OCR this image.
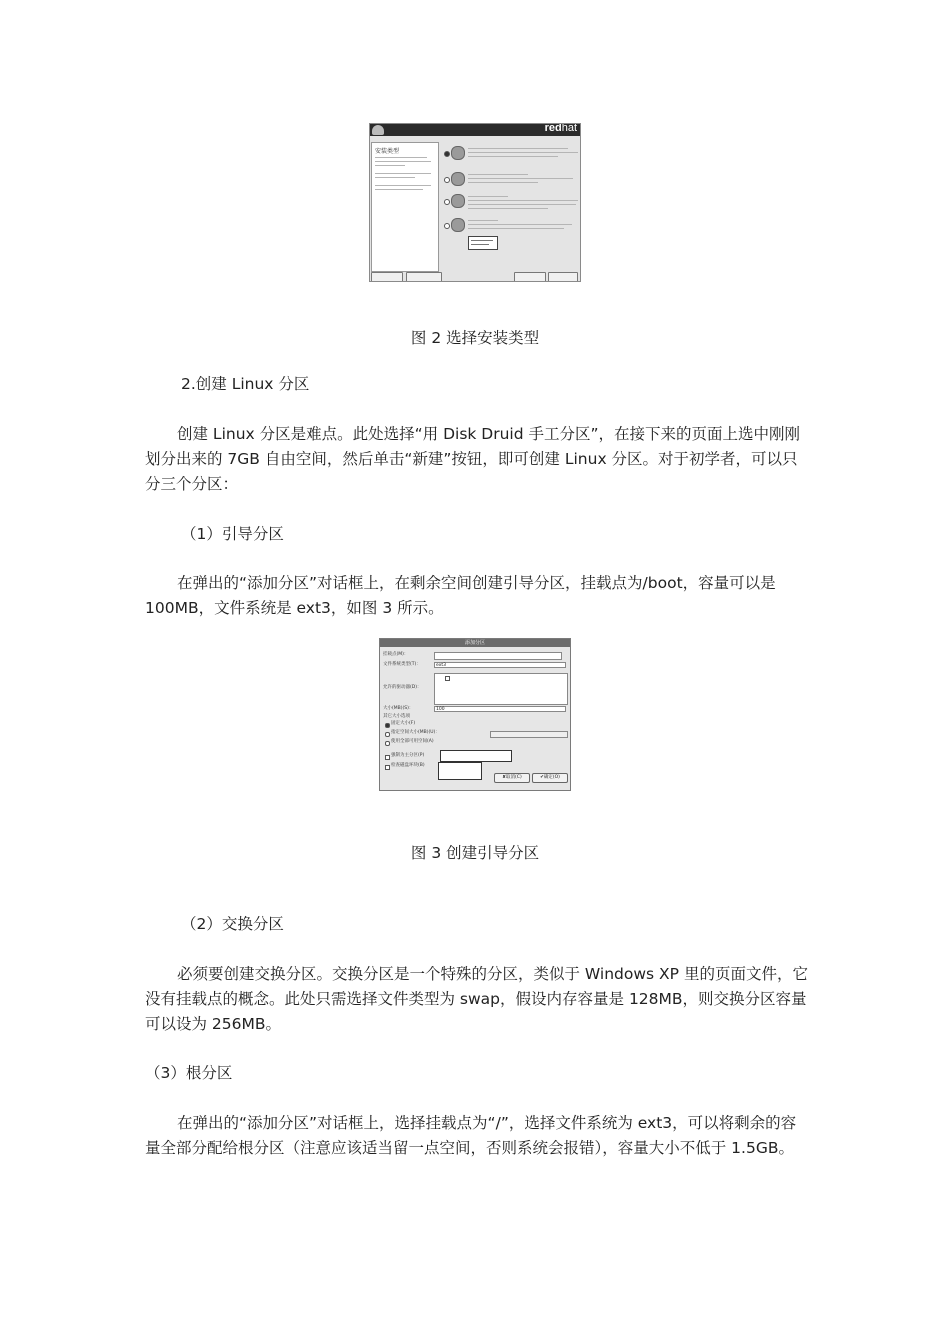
redhat
安装类型
图 2 选择安装类型
2.创建 Linux 分区
创建 Linux 分区是难点。此处选择“用 Disk Druid 手工分区”，在接下来的页面上选中刚刚划分出来的 7GB 自由空间，然后单击“新建”按钮，即可创建 Linux 分区。对于初学者，可以只分三个分区：
（1）引导分区
在弹出的“添加分区”对话框上，在剩余空间创建引导分区，挂载点为/boot，容量可以是 100MB，文件系统是 ext3，如图 3 所示。
添加分区
挂载点(M)：
文件系统类型(T)：	ext3
允许的驱动器(D)：
大小(MB)(S)：	100
其它大小选项
固定大小(F)
指定空间大小(MB)(U)：
使用全部可用空间(A)
强制为主分区(P)
检查磁盘坏块(B)
✘取消(C)	✔确定(O)
图 3 创建引导分区
（2）交换分区
必须要创建交换分区。交换分区是一个特殊的分区，类似于 Windows XP 里的页面文件，它没有挂载点的概念。此处只需选择文件类型为 swap，假设内存容量是 128MB，则交换分区容量可以设为 256MB。
（3）根分区
在弹出的“添加分区”对话框上，选择挂载点为“/”，选择文件系统为 ext3，可以将剩余的容量全部分配给根分区（注意应该适当留一点空间，否则系统会报错），容量大小不低于 1.5GB。
